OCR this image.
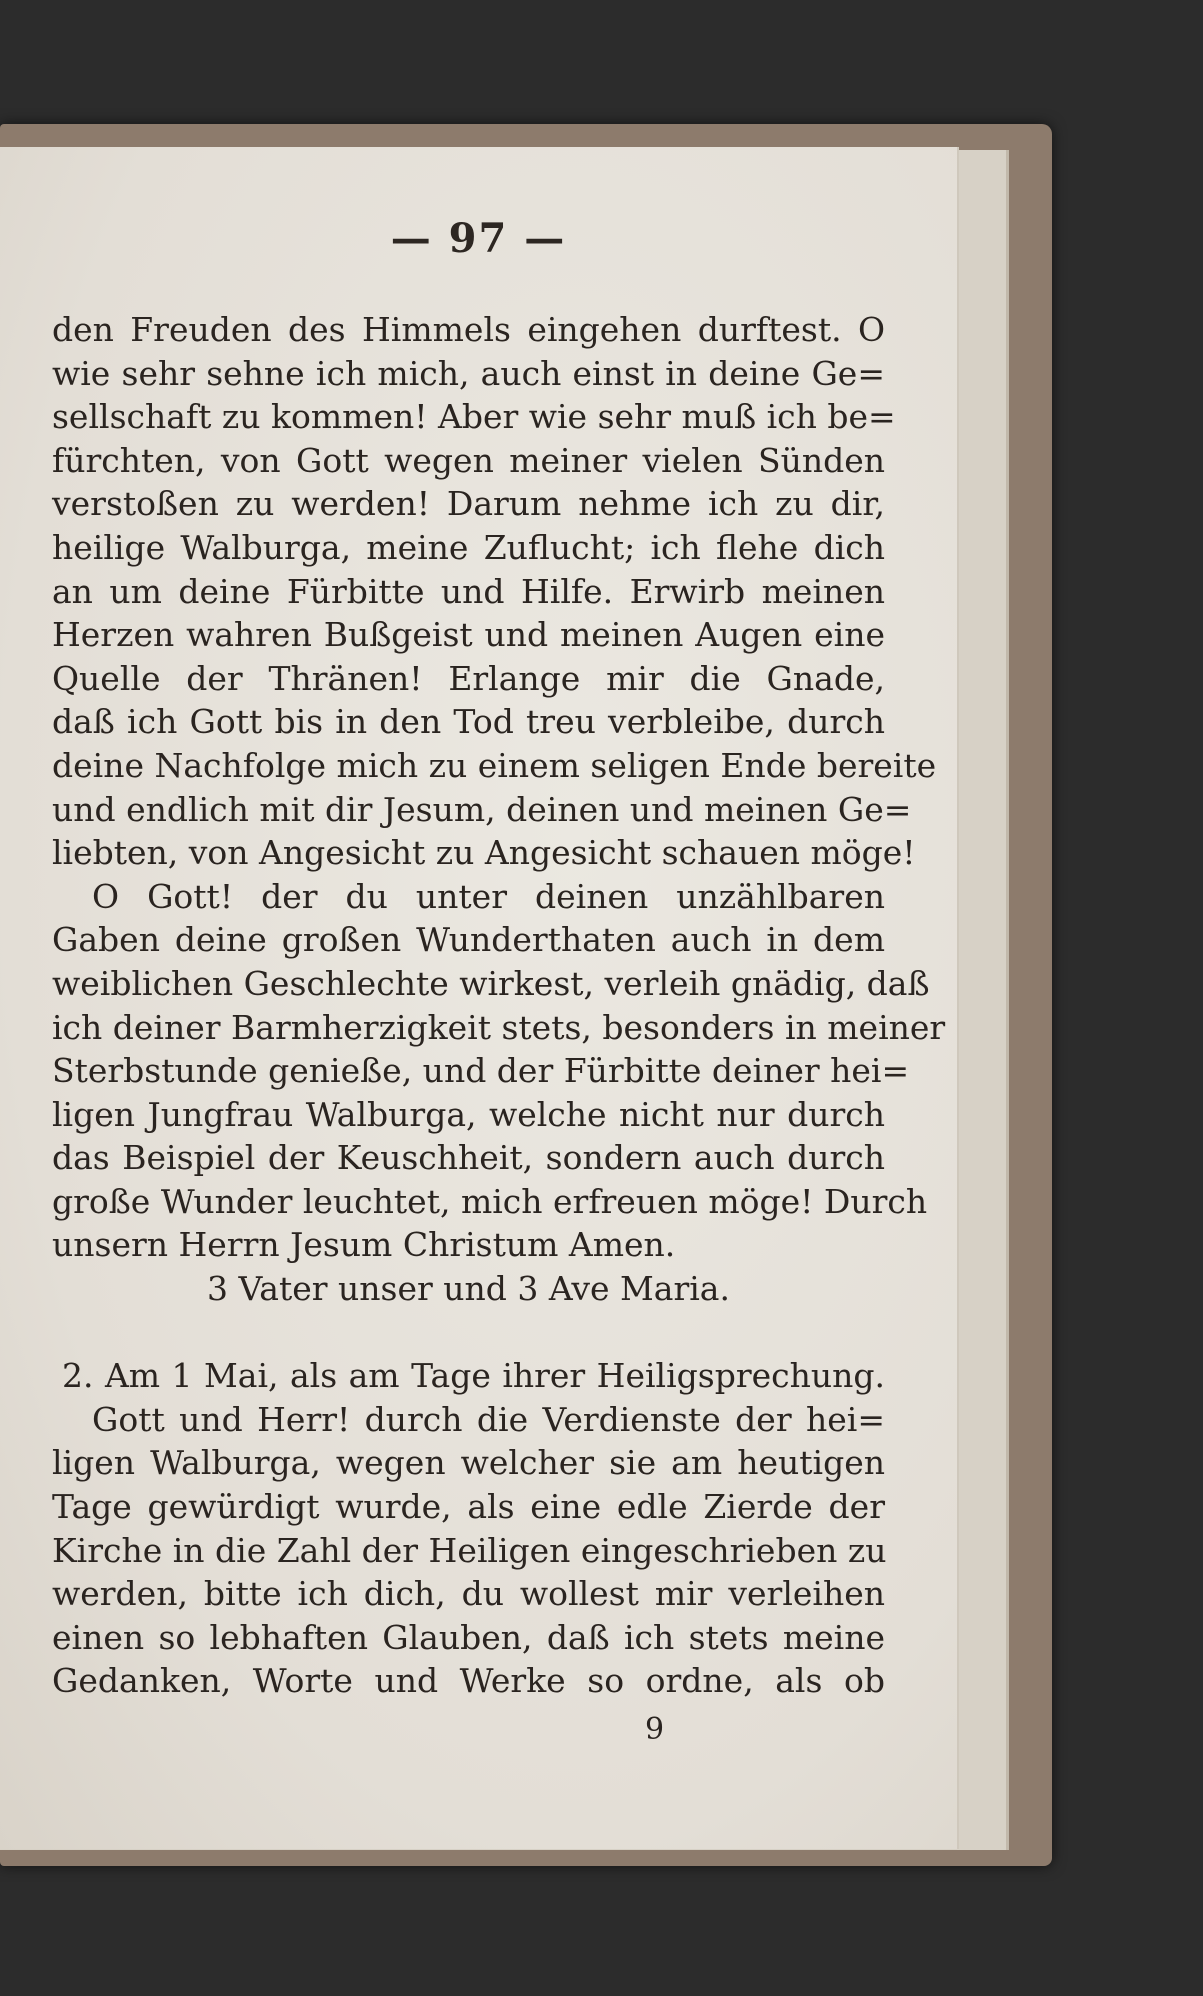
— 97 —
den Freuden des Himmels eingehen durftest. O
wie sehr sehne ich mich, auch einst in deine Ge=
sellschaft zu kommen! Aber wie sehr muß ich be=
fürchten, von Gott wegen meiner vielen Sünden
verstoßen zu werden! Darum nehme ich zu dir,
heilige Walburga, meine Zuflucht; ich flehe dich
an um deine Fürbitte und Hilfe. Erwirb meinen
Herzen wahren Bußgeist und meinen Augen eine
Quelle der Thränen! Erlange mir die Gnade,
daß ich Gott bis in den Tod treu verbleibe, durch
deine Nachfolge mich zu einem seligen Ende bereite
und endlich mit dir Jesum, deinen und meinen Ge=
liebten, von Angesicht zu Angesicht schauen möge!
O Gott! der du unter deinen unzählbaren
Gaben deine großen Wunderthaten auch in dem
weiblichen Geschlechte wirkest, verleih gnädig, daß
ich deiner Barmherzigkeit stets, besonders in meiner
Sterbstunde genieße, und der Fürbitte deiner hei=
ligen Jungfrau Walburga, welche nicht nur durch
das Beispiel der Keuschheit, sondern auch durch
große Wunder leuchtet, mich erfreuen möge! Durch
unsern Herrn Jesum Christum Amen.
3 Vater unser und 3 Ave Maria.
2. Am 1 Mai, als am Tage ihrer Heiligsprechung.
Gott und Herr! durch die Verdienste der hei=
ligen Walburga, wegen welcher sie am heutigen
Tage gewürdigt wurde, als eine edle Zierde der
Kirche in die Zahl der Heiligen eingeschrieben zu
werden, bitte ich dich, du wollest mir verleihen
einen so lebhaften Glauben, daß ich stets meine
Gedanken, Worte und Werke so ordne, als ob
9
